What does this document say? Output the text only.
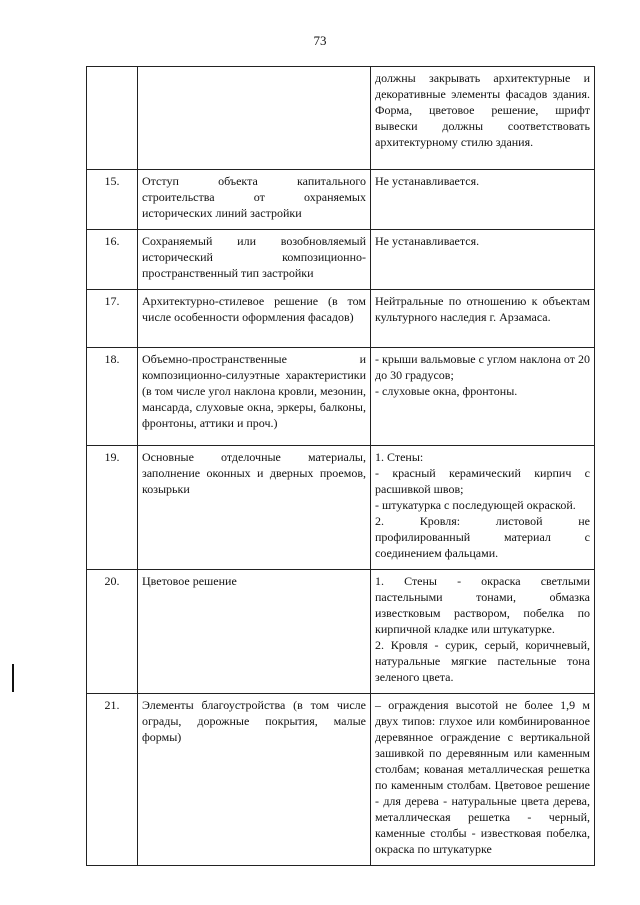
73
		должны закрывать архитектурные и декоративные элементы фасадов здания. Форма, цветовое решение, шрифт вывески должны соответствовать архитектурному стилю здания.
15.	Отступ объекта капитального строительства от охраняемых исторических линий застройки	Не устанавливается.
16.	Сохраняемый или возобновляемый исторический композиционно-пространственный тип застройки	Не устанавливается.
17.	Архитектурно-стилевое решение (в том числе особенности оформления фасадов)	Нейтральные по отношению к объектам культурного наследия г. Арзамаса.
18.	Объемно-пространственные и композиционно-силуэтные характеристики (в том числе угол наклона кровли, мезонин, мансарда, слуховые окна, эркеры, балконы, фронтоны, аттики и проч.)	- крыши вальмовые с углом наклона от 20 до 30 градусов;
- слуховые окна, фронтоны.

19.	Основные отделочные материалы, заполнение оконных и дверных проемов, козырьки	1. Стены:
- красный керамический кирпич с расшивкой швов;
- штукатурка с последующей окраской.
2. Кровля: листовой не профилированный материал с соединением фальцами.

20.	Цветовое решение	1. Стены - окраска светлыми пастельными тонами, обмазка известковым раствором, побелка по кирпичной кладке или штукатурке.
2. Кровля - сурик, серый, коричневый, натуральные мягкие пастельные тона зеленого цвета.

21.	Элементы благоустройства (в том числе ограды, дорожные покрытия, малые формы)	– ограждения высотой не более 1,9 м двух типов: глухое или комбинированное деревянное ограждение с вертикальной зашивкой по деревянным или каменным столбам; кованая металлическая решетка по каменным столбам. Цветовое решение - для дерева - натуральные цвета дерева, металлическая решетка - черный, каменные столбы - известковая побелка, окраска по штукатурке
